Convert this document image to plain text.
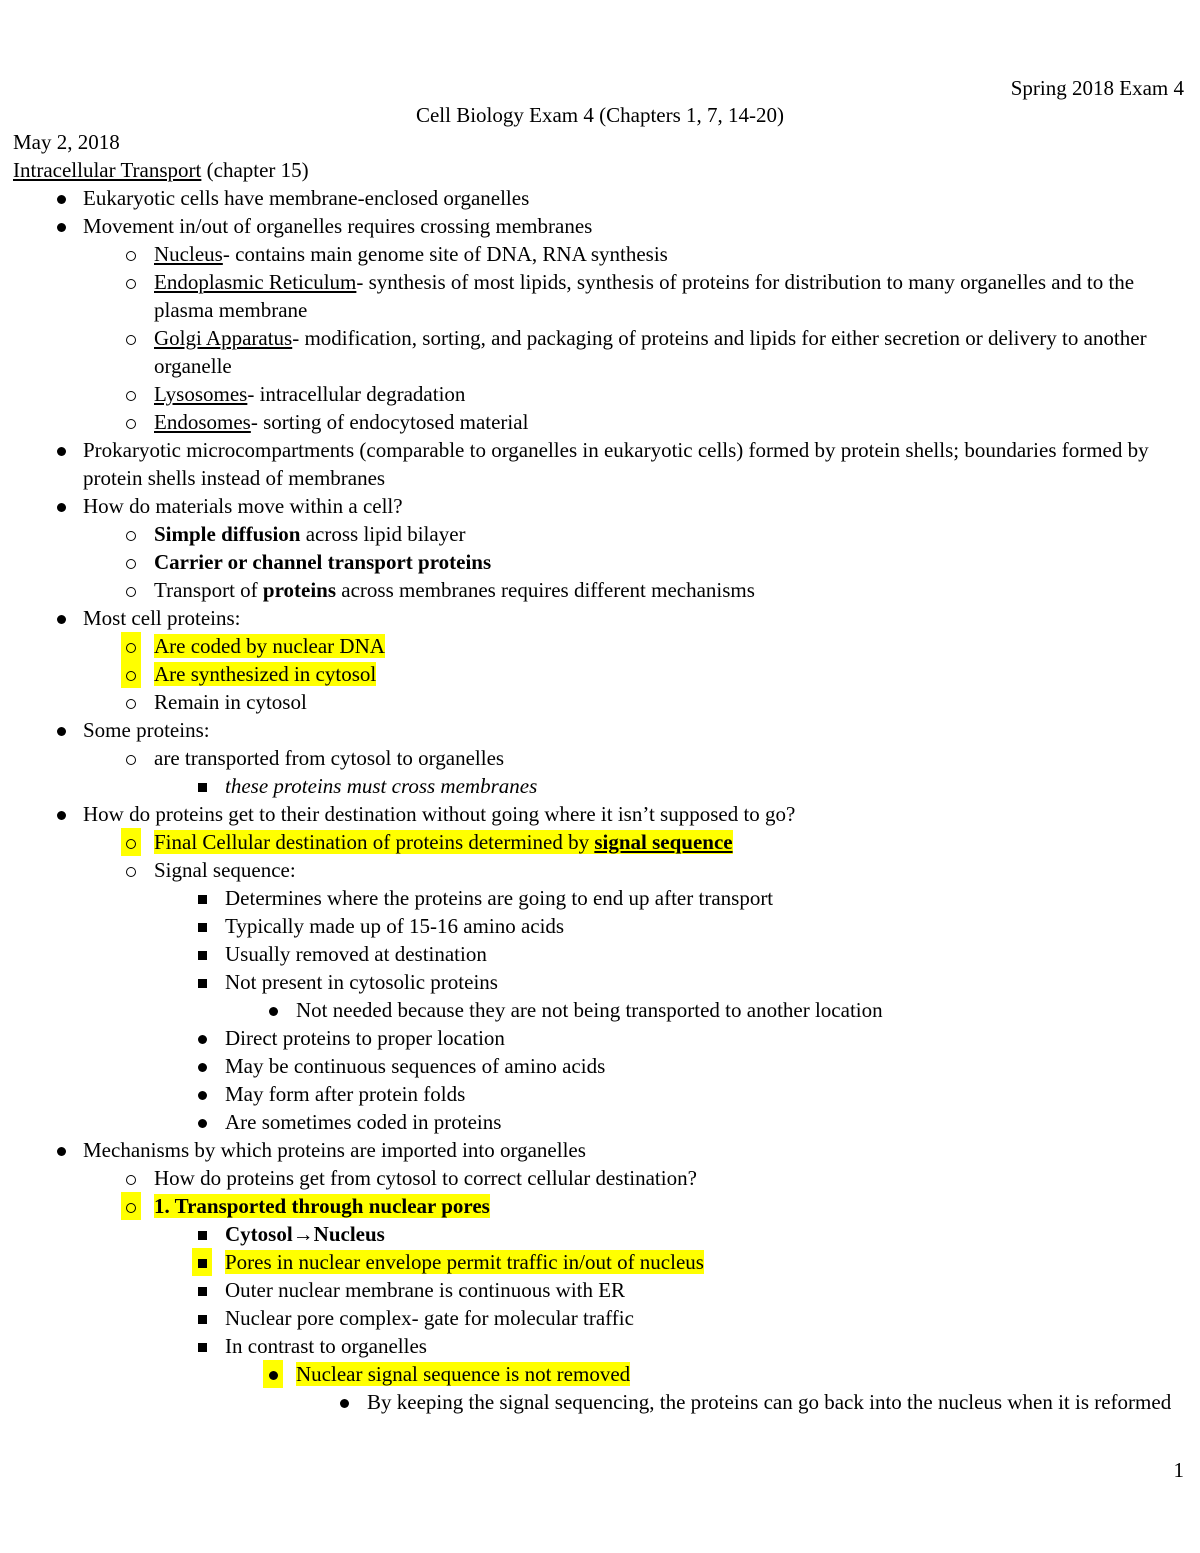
Spring 2018 Exam 4
Cell Biology Exam 4 (Chapters 1, 7, 14-20)
May 2, 2018
Intracellular Transport (chapter 15)
Eukaryotic cells have membrane-enclosed organelles
Movement in/out of organelles requires crossing membranes
Nucleus- contains main genome site of DNA, RNA synthesis
Endoplasmic Reticulum- synthesis of most lipids, synthesis of proteins for distribution to many organelles and to the plasma membrane
Golgi Apparatus- modification, sorting, and packaging of proteins and lipids for either secretion or delivery to another organelle
Lysosomes- intracellular degradation
Endosomes- sorting of endocytosed material
Prokaryotic microcompartments (comparable to organelles in eukaryotic cells) formed by protein shells; boundaries formed by protein shells instead of membranes
How do materials move within a cell?
Simple diffusion across lipid bilayer
Carrier or channel transport proteins
Transport of proteins across membranes requires different mechanisms
Most cell proteins:
Are coded by nuclear DNA
Are synthesized in cytosol
Remain in cytosol
Some proteins:
are transported from cytosol to organelles
these proteins must cross membranes
How do proteins get to their destination without going where it isn’t supposed to go?
Final Cellular destination of proteins determined by signal sequence
Signal sequence:
Determines where the proteins are going to end up after transport
Typically made up of 15-16 amino acids
Usually removed at destination
Not present in cytosolic proteins
Not needed because they are not being transported to another location
Direct proteins to proper location
May be continuous sequences of amino acids
May form after protein folds
Are sometimes coded in proteins
Mechanisms by which proteins are imported into organelles
How do proteins get from cytosol to correct cellular destination?
1. Transported through nuclear pores
Cytosol→Nucleus
Pores in nuclear envelope permit traffic in/out of nucleus
Outer nuclear membrane is continuous with ER
Nuclear pore complex- gate for molecular traffic
In contrast to organelles
Nuclear signal sequence is not removed
By keeping the signal sequencing, the proteins can go back into the nucleus when it is reformed
1
